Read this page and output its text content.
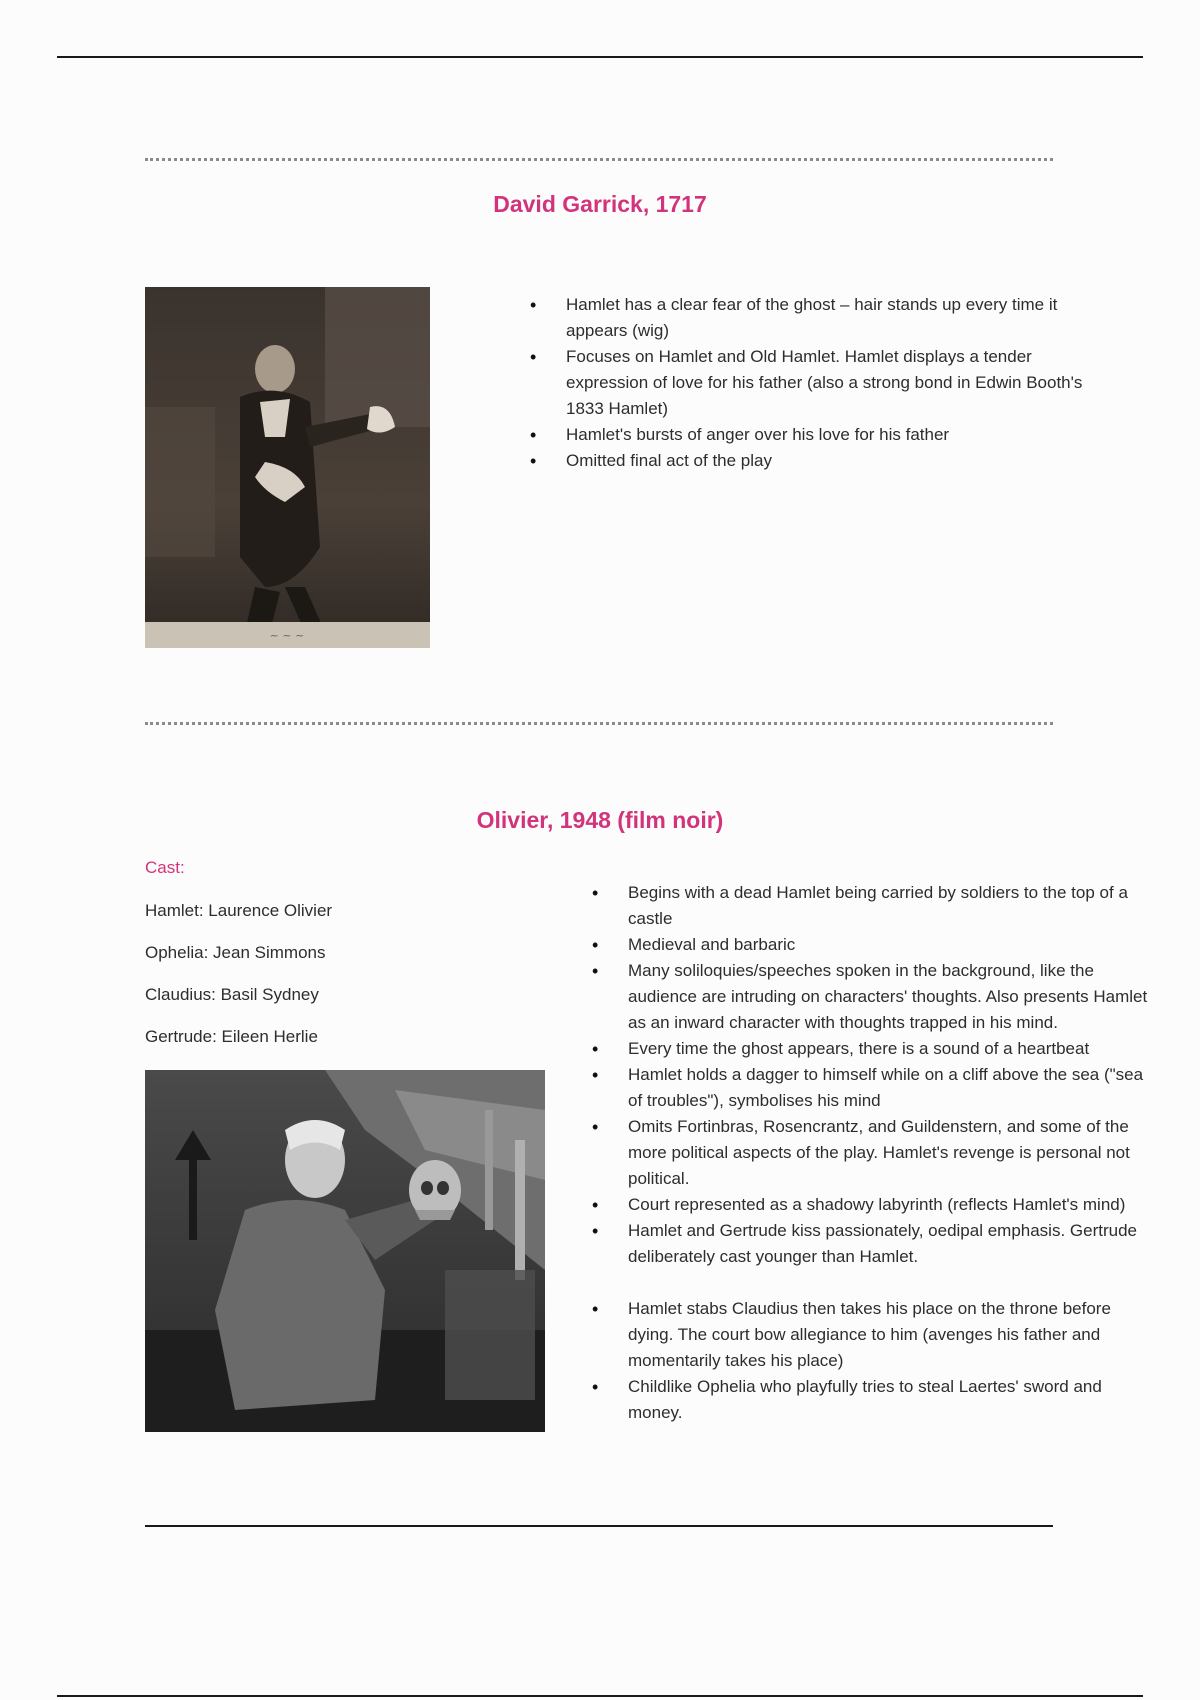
David Garrick, 1717
~ ~ ~
• Hamlet has a clear fear of the ghost – hair stands up every time it appears (wig)
• Focuses on Hamlet and Old Hamlet. Hamlet displays a tender expression of love for his father (also a strong bond in Edwin Booth's 1833 Hamlet)
• Hamlet's bursts of anger over his love for his father
• Omitted final act of the play
Olivier, 1948 (film noir)
Cast:
Hamlet: Laurence Olivier
Ophelia: Jean Simmons
Claudius: Basil Sydney
Gertrude: Eileen Herlie
• Begins with a dead Hamlet being carried by soldiers to the top of a castle
• Medieval and barbaric
• Many soliloquies/speeches spoken in the background, like the audience are intruding on characters' thoughts. Also presents Hamlet as an inward character with thoughts trapped in his mind.
• Every time the ghost appears, there is a sound of a heartbeat
• Hamlet holds a dagger to himself while on a cliff above the sea ("sea of troubles"), symbolises his mind
• Omits Fortinbras, Rosencrantz, and Guildenstern, and some of the more political aspects of the play. Hamlet's revenge is personal not political.
• Court represented as a shadowy labyrinth (reflects Hamlet's mind)
• Hamlet and Gertrude kiss passionately, oedipal emphasis. Gertrude deliberately cast younger than Hamlet.
• Hamlet stabs Claudius then takes his place on the throne before dying. The court bow allegiance to him (avenges his father and momentarily takes his place)
• Childlike Ophelia who playfully tries to steal Laertes' sword and money.
